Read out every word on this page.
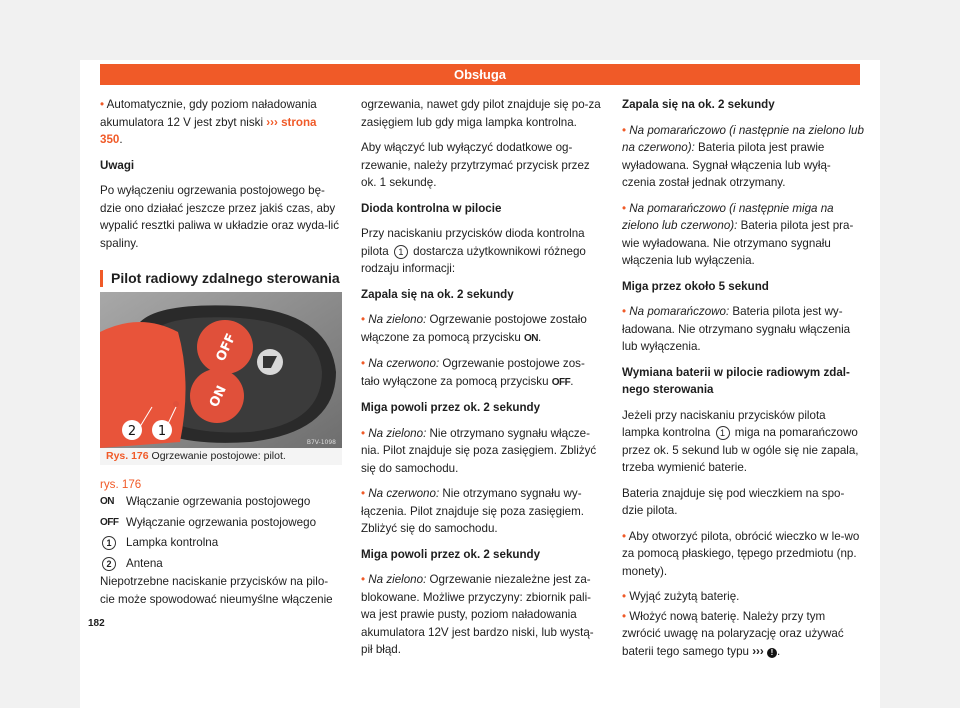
Obsługa

• Automatycznie, gdy poziom naładowania akumulatora 12 V jest zbyt niski ››› strona 350.

Uwagi

Po wyłączeniu ogrzewania postojowego bę-dzie ono działać jeszcze przez jakiś czas, aby wypalić resztki paliwa w układzie oraz wyda-lić spaliny.

Pilot radiowy zdalnego sterowania
OFF
ON
1
2
B7V-1098
Rys. 176 Ogrzewanie postojowe: pilot.
rys. 176
ON	Włączanie ogrzewania postojowego
OFF Wyłączanie ogrzewania postojowego
1	Lampka kontrolna
2	Antena
Niepotrzebne naciskanie przycisków na pilo-cie może spowodować nieumyślne włączenie

ogrzewania, nawet gdy pilot znajduje się po-za zasięgiem lub gdy miga lampka kontrolna.

Aby włączyć lub wyłączyć dodatkowe og-rzewanie, należy przytrzymać przycisk przez ok. 1 sekundę.

Dioda kontrolna w pilocie

Przy naciskaniu przycisków dioda kontrolna pilota 1 dostarcza użytkownikowi różnego rodzaju informacji:

Zapala się na ok. 2 sekundy

• Na zielono: Ogrzewanie postojowe zostało włączone za pomocą przycisku ON.

• Na czerwono: Ogrzewanie postojowe zos-tało wyłączone za pomocą przycisku OFF.

Miga powoli przez ok. 2 sekundy

• Na zielono: Nie otrzymano sygnału włącze-nia. Pilot znajduje się poza zasięgiem. Zbliżyć się do samochodu.

• Na czerwono: Nie otrzymano sygnału wy-łączenia. Pilot znajduje się poza zasięgiem. Zbliżyć się do samochodu.

Miga powoli przez ok. 2 sekundy

• Na zielono: Ogrzewanie niezależne jest za-blokowane. Możliwe przyczyny: zbiornik pali-wa jest prawie pusty, poziom naładowania akumulatora 12V jest bardzo niski, lub wystą-pił błąd.

Zapala się na ok. 2 sekundy

• Na pomarańczowo (i następnie na zielono lub na czerwono): Bateria pilota jest prawie wyładowana. Sygnał włączenia lub wyłą-czenia został jednak otrzymany.

• Na pomarańczowo (i następnie miga na zielono lub czerwono): Bateria pilota jest pra-wie wyładowana. Nie otrzymano sygnału włączenia lub wyłączenia.

Miga przez około 5 sekund

• Na pomarańczowo: Bateria pilota jest wy-ładowana. Nie otrzymano sygnału włączenia lub wyłączenia.

Wymiana baterii w pilocie radiowym zdal-nego sterowania

Jeżeli przy naciskaniu przycisków pilota lampka kontrolna 1 miga na pomarańczowo przez ok. 5 sekund lub w ogóle się nie zapala, trzeba wymienić baterie.

Bateria znajduje się pod wieczkiem na spo-dzie pilota.

• Aby otworzyć pilota, obrócić wieczko w le-wo za pomocą płaskiego, tępego przedmiotu (np. monety).

• Wyjąć zużytą baterię.

• Włożyć nową baterię. Należy przy tym zwrócić uwagę na polaryzację oraz używać baterii tego samego typu ››› ! .

182
